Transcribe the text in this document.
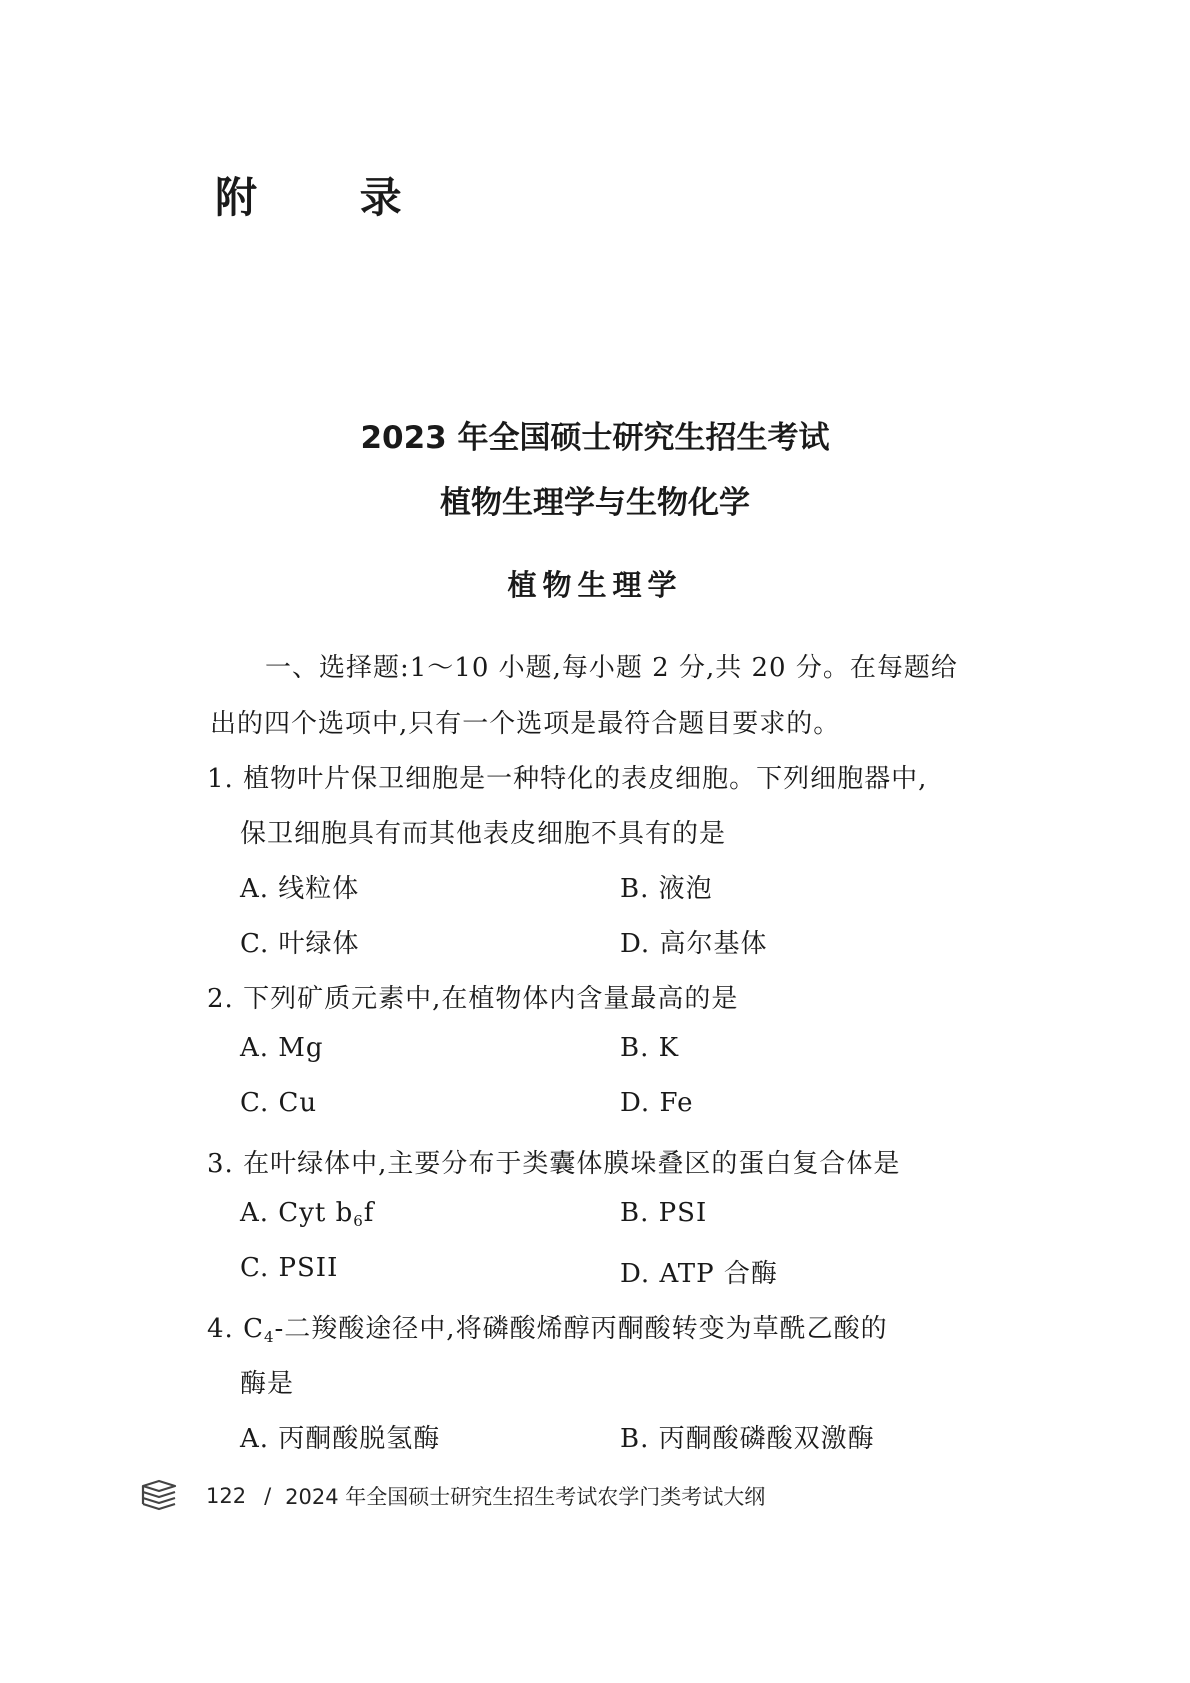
附 录
2023 年全国硕士研究生招生考试
植物生理学与生物化学
植物生理学
一、选择题:1～10 小题,每小题 2 分,共 20 分。在每题给
出的四个选项中,只有一个选项是最符合题目要求的。
1. 植物叶片保卫细胞是一种特化的表皮细胞。下列细胞器中,
保卫细胞具有而其他表皮细胞不具有的是
A. 线粒体	B. 液泡
C. 叶绿体	D. 高尔基体
2. 下列矿质元素中,在植物体内含量最高的是
A. Mg	B. K
C. Cu	D. Fe
3. 在叶绿体中,主要分布于类囊体膜垛叠区的蛋白复合体是
A. Cyt $b_6f$	B. PSI
C. PSII	D. ATP 合酶
4. $C_4-$二羧酸途径中,将磷酸烯醇丙酮酸转变为草酰乙酸的
酶是
A. 丙酮酸脱氢酶	B. 丙酮酸磷酸双激酶
122 / 2024 年全国硕士研究生招生考试农学门类考试大纲
